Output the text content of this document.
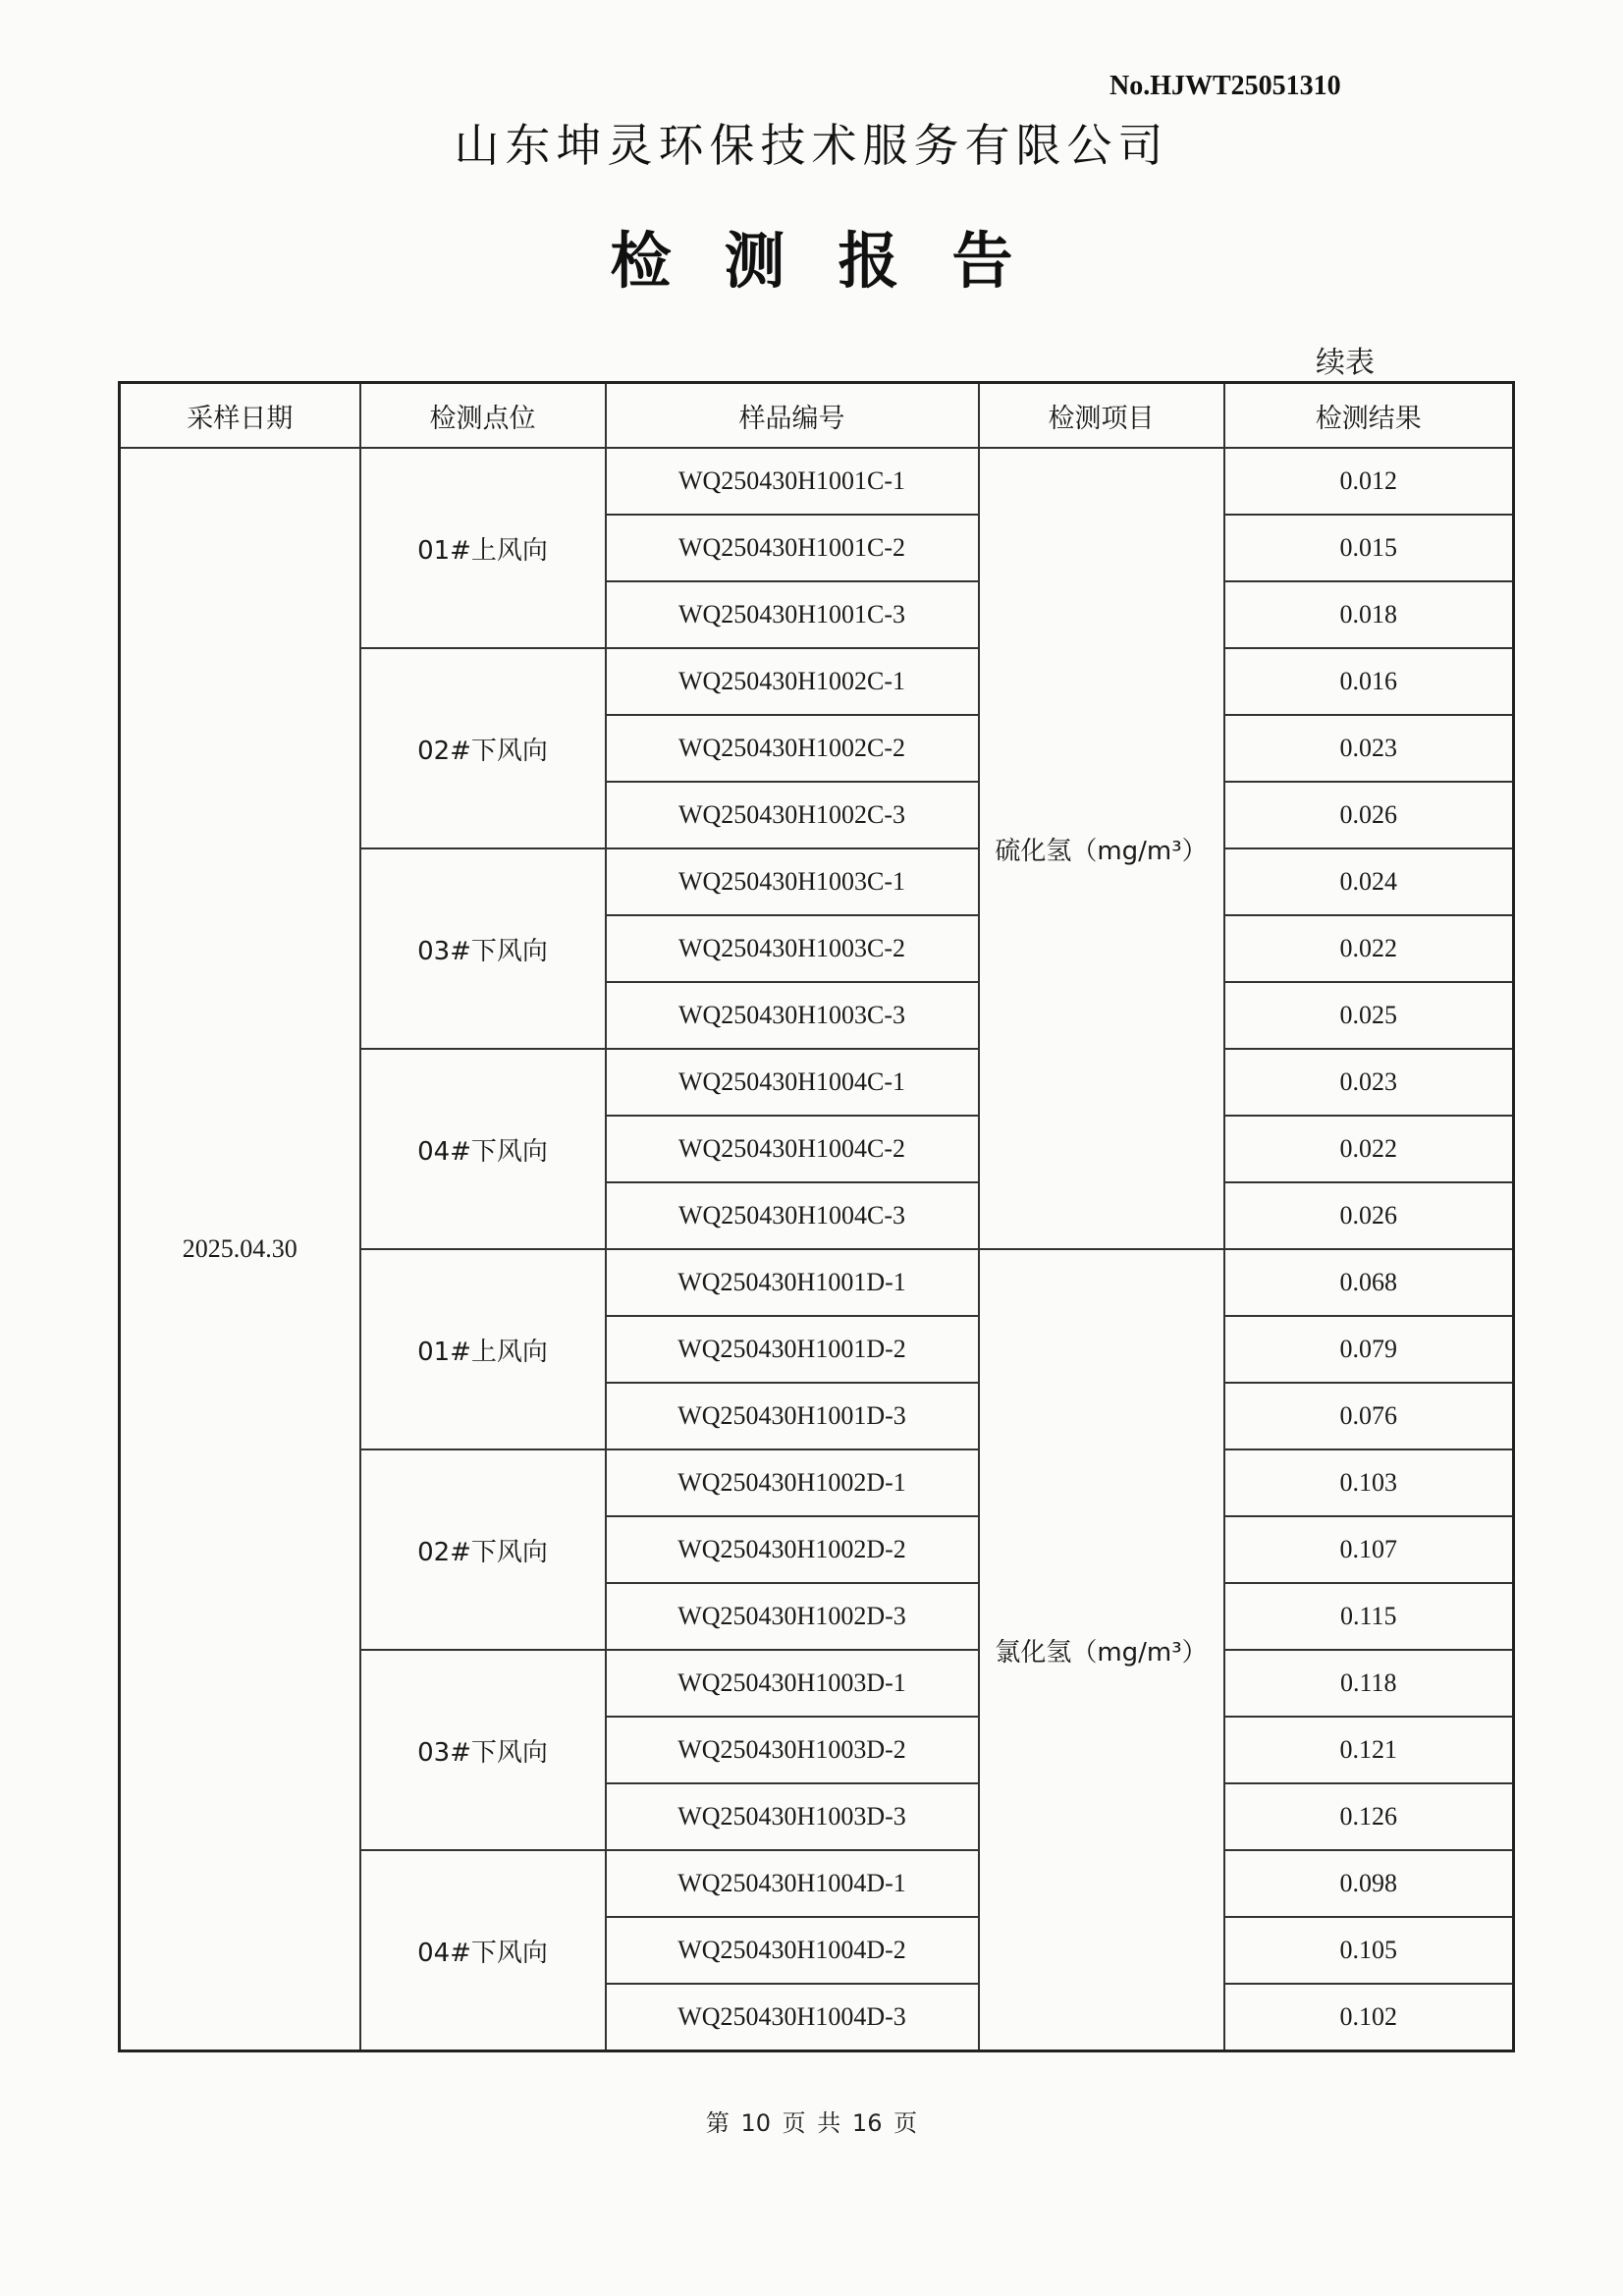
No.HJWT25051310
山东坤灵环保技术服务有限公司
检测报告
续表
采样日期	检测点位	样品编号	检测项目	检测结果
2025.04.30	01#上风向	WQ250430H1001C-1	硫化氢（mg/m³）	0.012
		WQ250430H1001C-2		0.015
		WQ250430H1001C-3		0.018
	02#下风向	WQ250430H1002C-1		0.016
		WQ250430H1002C-2		0.023
		WQ250430H1002C-3		0.026
	03#下风向	WQ250430H1003C-1		0.024
		WQ250430H1003C-2		0.022
		WQ250430H1003C-3		0.025
	04#下风向	WQ250430H1004C-1		0.023
		WQ250430H1004C-2		0.022
		WQ250430H1004C-3		0.026
	01#上风向	WQ250430H1001D-1	氯化氢（mg/m³）	0.068
		WQ250430H1001D-2		0.079
		WQ250430H1001D-3		0.076
	02#下风向	WQ250430H1002D-1		0.103
		WQ250430H1002D-2		0.107
		WQ250430H1002D-3		0.115
	03#下风向	WQ250430H1003D-1		0.118
		WQ250430H1003D-2		0.121
		WQ250430H1003D-3		0.126
	04#下风向	WQ250430H1004D-1		0.098
		WQ250430H1004D-2		0.105
		WQ250430H1004D-3		0.102
第 10 页 共 16 页
